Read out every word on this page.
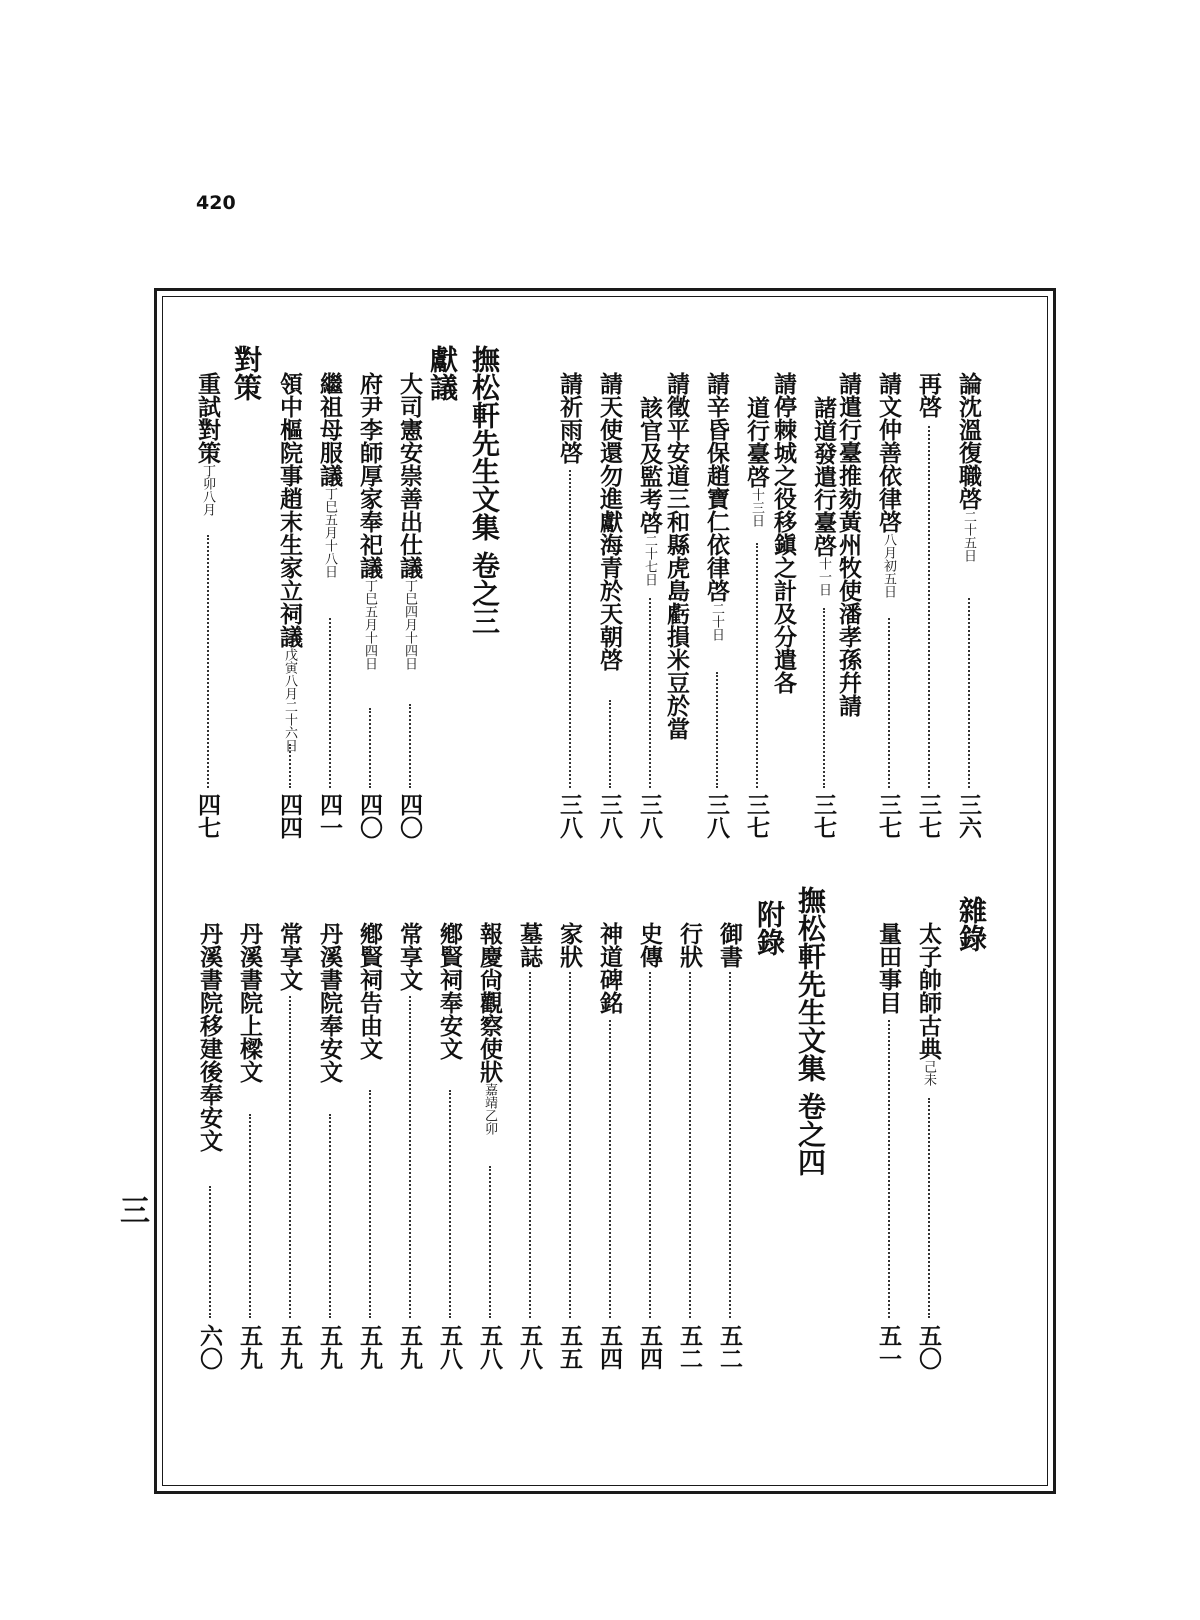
420
三
論沈溫復職啓二十五日
三六
再啓
三七
請文仲善依律啓八月初五日
三七
請遣行臺推劾黃州牧使潘孝孫幷請
諸道發遣行臺啓十一日
三七
請停棘城之役移鎭之計及分遣各
道行臺啓十三日
三七
請辛昏保趙寶仁依律啓二十日
三八
請徵平安道三和縣虎島虧損米豆於當
該官及監考啓二十七日
三八
請天使還勿進獻海青於天朝啓
三八
請祈雨啓
三八
撫松軒先生文集 卷之三
獻議
大司憲安崇善出仕議丁巳四月十四日
四〇
府尹李師厚家奉祀議丁巳五月十四日
四〇
繼祖母服議丁巳五月十八日
四一
領中樞院事趙末生家立祠議戊寅八月二十六日
四四
對策
重試對策丁卯八月
四七
雜錄
太子帥師古典己未
五〇
量田事目
五一
撫松軒先生文集 卷之四
附錄
御書
五二
行狀
五二
史傳
五四
神道碑銘
五四
家狀
五五
墓誌
五八
報慶尙觀察使狀嘉靖乙卯
五八
鄕賢祠奉安文
五八
常享文
五九
鄕賢祠告由文
五九
丹溪書院奉安文
五九
常享文
五九
丹溪書院上樑文
五九
丹溪書院移建後奉安文
六〇
